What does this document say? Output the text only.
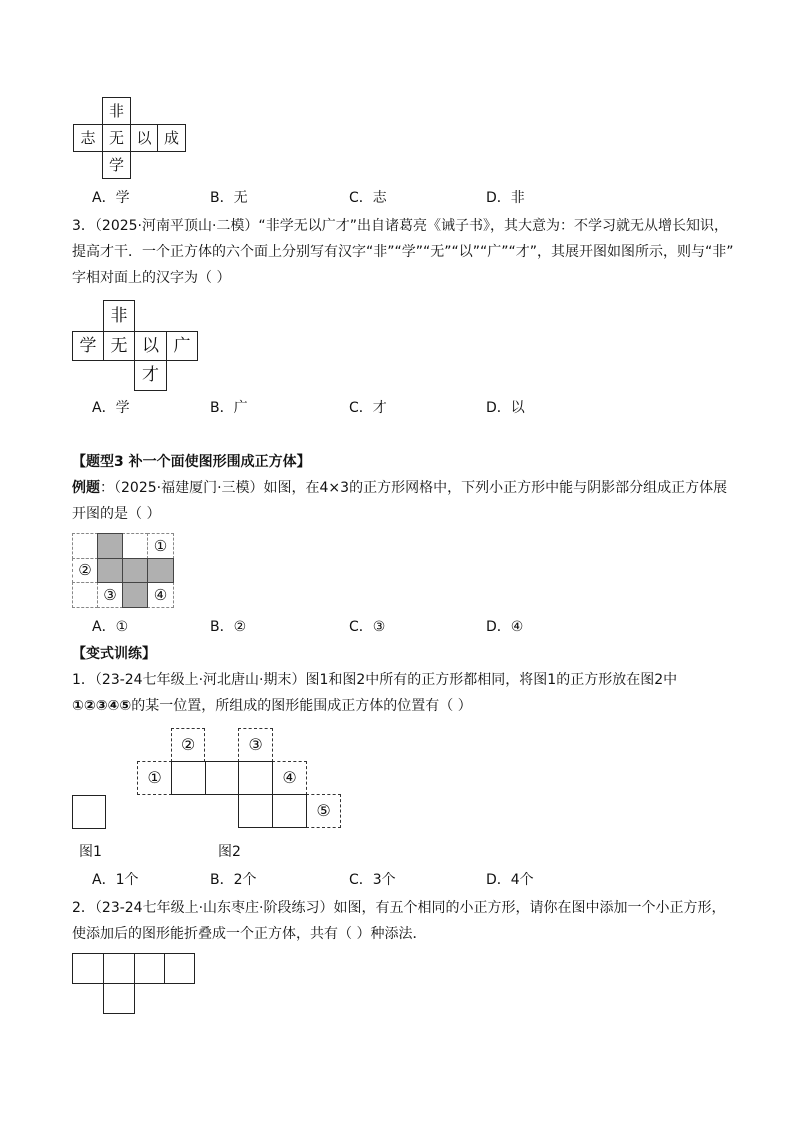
非
志 无 以 成
学
A．学	B．无	C．志	D．非
3．（2025·河南平顶山·二模）“非学无以广才”出自诸葛亮《诫子书》，其大意为：不学习就无从增长知识，
提高才干．一个正方体的六个面上分别写有汉字“非”“学”“无”“以”“广”“才”，其展开图如图所示，则与“非”
字相对面上的汉字为（ ）
非
学 无 以 广
才
A．学	B．广	C．才	D．以
【题型3 补一个面使图形围成正方体】
例题：（2025·福建厦门·三模）如图，在4×3的正方形网格中，下列小正方形中能与阴影部分组成正方体展
开图的是（ ）
①
②
③	④
A．①	B．②	C．③	D．④
【变式训练】
1．（23-24七年级上·河北唐山·期末）图1和图2中所有的正方形都相同，将图1的正方形放在图2中
①②③④⑤的某一位置，所组成的图形能围成正方体的位置有（ ）
图1
①
②	③
④
⑤
图2
A．1个	B．2个	C．3个	D．4个
2．（23-24七年级上·山东枣庄·阶段练习）如图，有五个相同的小正方形，请你在图中添加一个小正方形，
使添加后的图形能折叠成一个正方体，共有（ ）种添法．
